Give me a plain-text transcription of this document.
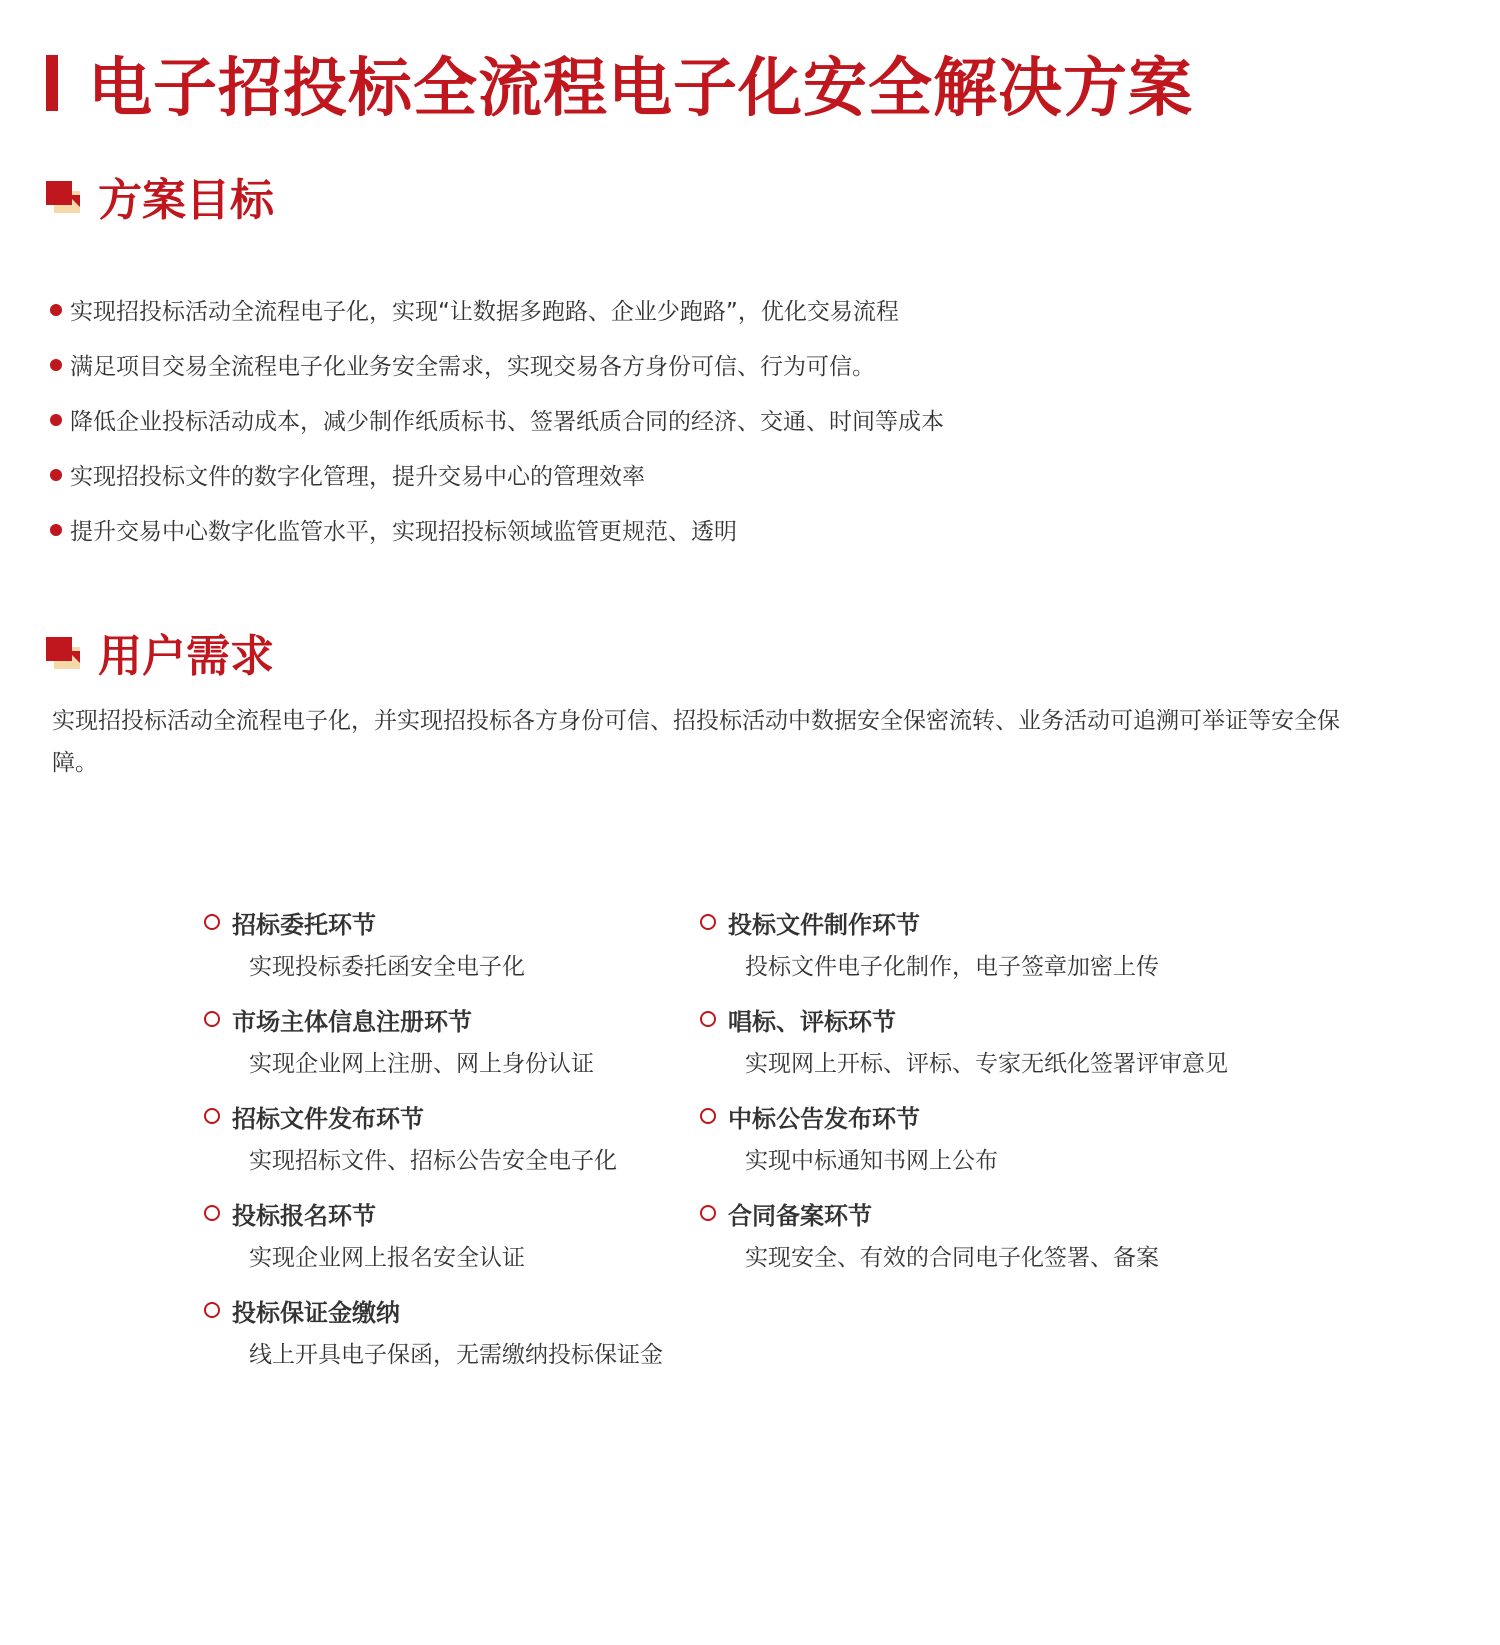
电子招投标全流程电子化安全解决方案
方案目标
实现招投标活动全流程电子化，实现“让数据多跑路、企业少跑路”，优化交易流程
满足项目交易全流程电子化业务安全需求，实现交易各方身份可信、行为可信。
降低企业投标活动成本，减少制作纸质标书、签署纸质合同的经济、交通、时间等成本
实现招投标文件的数字化管理，提升交易中心的管理效率
提升交易中心数字化监管水平，实现招投标领域监管更规范、透明
用户需求

实现招投标活动全流程电子化，并实现招投标各方身份可信、招投标活动中数据安全保密流转、业务活动可追溯可举证等安全保障。

招标委托环节
实现投标委托函安全电子化
市场主体信息注册环节
实现企业网上注册、网上身份认证
招标文件发布环节
实现招标文件、招标公告安全电子化
投标报名环节
实现企业网上报名安全认证
投标保证金缴纳
线上开具电子保函，无需缴纳投标保证金
投标文件制作环节
投标文件电子化制作，电子签章加密上传
唱标、评标环节
实现网上开标、评标、专家无纸化签署评审意见
中标公告发布环节
实现中标通知书网上公布
合同备案环节
实现安全、有效的合同电子化签署、备案
